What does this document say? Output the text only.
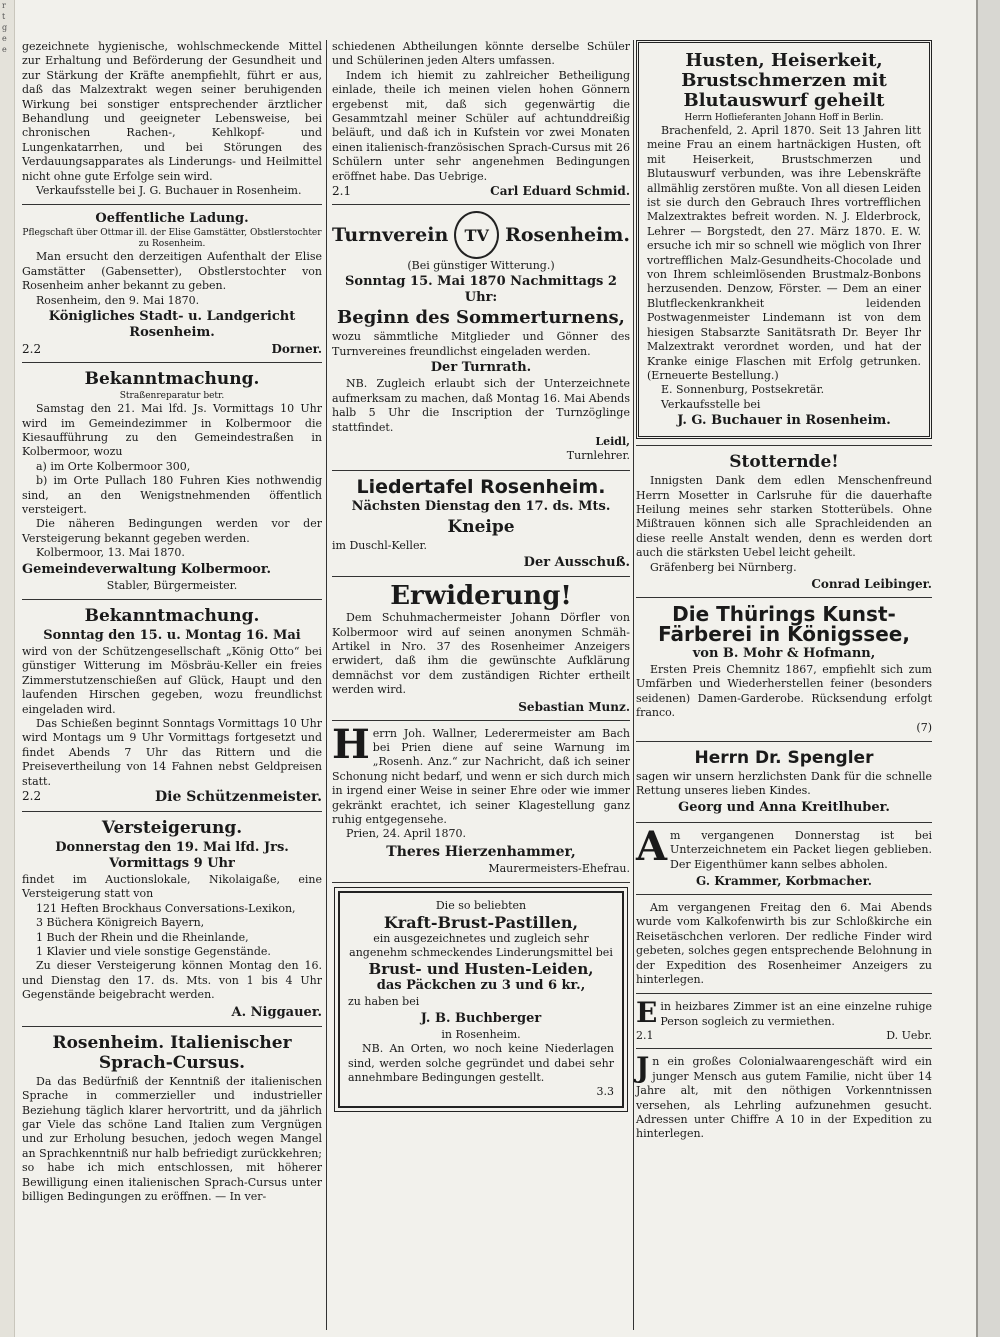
r
t
g
e
e	gezeichnete hygienische, wohlschmeckende Mittel zur Erhaltung und Beförderung der Gesundheit und zur Stärkung der Kräfte anempfiehlt, führt er aus, daß das Malzextrakt wegen seiner beruhigenden Wirkung bei sonstiger entsprechender ärztlicher Behandlung und geeigneter Lebensweise, bei chronischen Rachen-, Kehlkopf- und Lungenkatarrhen, und bei Störungen des Verdauungsapparates als Linderungs- und Heilmittel nicht ohne gute Erfolge sein wird.

Verkaufsstelle bei J. G. Buchauer in Rosenheim.

Oeffentliche Ladung.
Pflegschaft über Ottmar ill. der Elise Gamstätter, Obstlerstochter zu Rosenheim.

Man ersucht den derzeitigen Aufenthalt der Elise Gamstätter (Gabensetter), Obstlerstochter von Rosenheim anher bekannt zu geben.

Rosenheim, den 9. Mai 1870.

Königliches Stadt- u. Landgericht Rosenheim.
2.2	Dorner.
Bekanntmachung.
Straßenreparatur betr.

Samstag den 21. Mai lfd. Js. Vormittags 10 Uhr wird im Gemeindezimmer in Kolbermoor die Kiesaufführung zu den Gemeindestraßen in Kolbermoor, wozu

a) im Orte Kolbermoor 300,

b) im Orte Pullach 180 Fuhren Kies nothwendig sind, an den Wenigstnehmenden öffentlich versteigert.

Die näheren Bedingungen werden vor der Versteigerung bekannt gegeben werden.

Kolbermoor, 13. Mai 1870.

Gemeindeverwaltung Kolbermoor.

Stabler, Bürgermeister.

Bekanntmachung.
Sonntag den 15. u. Montag 16. Mai

wird von der Schützengesellschaft „König Otto“ bei günstiger Witterung im Mösbräu-Keller ein freies Zimmerstutzenschießen auf Glück, Haupt und den laufenden Hirschen gegeben, wozu freundlichst eingeladen wird.

Das Schießen beginnt Sonntags Vormittags 10 Uhr wird Montags um 9 Uhr Vormittags fortgesetzt und findet Abends 7 Uhr das Rittern und die Preisevertheilung von 14 Fahnen nebst Geldpreisen statt.

2.2	Die Schützenmeister.
Versteigerung.
Donnerstag den 19. Mai lfd. Jrs. Vormittags 9 Uhr

findet im Auctionslokale, Nikolaigaße, eine Versteigerung statt von

121 Heften Brockhaus Conversations-Lexikon,

3 Büchera Königreich Bayern,

1 Buch der Rhein und die Rheinlande,

1 Klavier und viele sonstige Gegenstände.

Zu dieser Versteigerung können Montag den 16. und Dienstag den 17. ds. Mts. von 1 bis 4 Uhr Gegenstände beigebracht werden.

A. Niggauer.
Rosenheim. Italienischer Sprach-Cursus.

Da das Bedürfniß der Kenntniß der italienischen Sprache in commerzieller und industrieller Beziehung täglich klarer hervortritt, und da jährlich gar Viele das schöne Land Italien zum Vergnügen und zur Erholung besuchen, jedoch wegen Mangel an Sprachkenntniß nur halb befriedigt zurückkehren; so habe ich mich entschlossen, mit höherer Bewilligung einen italienischen Sprach-Cursus unter billigen Bedingungen zu eröffnen. — In ver-

schiedenen Abtheilungen könnte derselbe Schüler und Schülerinen jeden Alters umfassen.

Indem ich hiemit zu zahlreicher Betheiligung einlade, theile ich meinen vielen hohen Gönnern ergebenst mit, daß sich gegenwärtig die Gesammtzahl meiner Schüler auf achtunddreißig beläuft, und daß ich in Kufstein vor zwei Monaten einen italienisch-französischen Sprach-Cursus mit 26 Schülern unter sehr angenehmen Bedingungen eröffnet habe. Das Uebrige.

2.1	Carl Eduard Schmid.
Turnverein	TV Rosenheim.

(Bei günstiger Witterung.)

Sonntag 15. Mai 1870 Nachmittags 2 Uhr:
Beginn des Sommerturnens,

wozu sämmtliche Mitglieder und Gönner des Turnvereines freundlichst eingeladen werden.

Der Turnrath.

NB. Zugleich erlaubt sich der Unterzeichnete aufmerksam zu machen, daß Montag 16. Mai Abends halb 5 Uhr die Inscription der Turnzöglinge stattfindet.

Leidl,

Turnlehrer.

Liedertafel Rosenheim.
Nächsten Dienstag den 17. ds. Mts.
Kneipe

im Duschl-Keller.

Der Ausschuß.
Erwiderung!

Dem Schuhmachermeister Johann Dörfler von Kolbermoor wird auf seinen anonymen Schmäh-Artikel in Nro. 37 des Rosenheimer Anzeigers erwidert, daß ihm die gewünschte Aufklärung demnächst vor dem zuständigen Richter ertheilt werden wird.

Sebastian Munz.

Herrn Joh. Wallner, Lederermeister am Bach bei Prien diene auf seine Warnung im „Rosenh. Anz.“ zur Nachricht, daß ich seiner Schonung nicht bedarf, und wenn er sich durch mich in irgend einer Weise in seiner Ehre oder wie immer gekränkt erachtet, ich seiner Klagestellung ganz ruhig entgegensehe.

Prien, 24. April 1870.

Theres Hierzenhammer,

Maurermeisters-Ehefrau.

Die so beliebten

Kraft-Brust-Pastillen,

ein ausgezeichnetes und zugleich sehr angenehm schmeckendes Linderungsmittel bei

Brust- und Husten-Leiden,
das Päckchen zu 3 und 6 kr.,

zu haben bei

J. B. Buchberger

in Rosenheim.

NB. An Orten, wo noch keine Niederlagen sind, werden solche gegründet und dabei sehr annehmbare Bedingungen gestellt.

3.3

Husten, Heiserkeit, Brustschmerzen mit Blutauswurf geheilt
Herrn Hoflieferanten Johann Hoff in Berlin.

Brachenfeld, 2. April 1870. Seit 13 Jahren litt meine Frau an einem hartnäckigen Husten, oft mit Heiserkeit, Brustschmerzen und Blutauswurf verbunden, was ihre Lebenskräfte allmählig zerstören mußte. Von all diesen Leiden ist sie durch den Gebrauch Ihres vortrefflichen Malzextraktes befreit worden. N. J. Elderbrock, Lehrer — Borgstedt, den 27. März 1870. E. W. ersuche ich mir so schnell wie möglich von Ihrer vortrefflichen Malz-Gesundheits-Chocolade und von Ihrem schleimlösenden Brustmalz-Bonbons herzusenden. Denzow, Förster. — Dem an einer Blutfleckenkrankheit leidenden Postwagenmeister Lindemann ist von dem hiesigen Stabsarzte Sanitätsrath Dr. Beyer Ihr Malzextrakt verordnet worden, und hat der Kranke einige Flaschen mit Erfolg getrunken. (Erneuerte Bestellung.)

E. Sonnenburg, Postsekretär.

Verkaufsstelle bei

J. G. Buchauer in Rosenheim.
Stotternde!

Innigsten Dank dem edlen Menschenfreund Herrn Mosetter in Carlsruhe für die dauerhafte Heilung meines sehr starken Stotterübels. Ohne Mißtrauen können sich alle Sprachleidenden an diese reelle Anstalt wenden, denn es werden dort auch die stärksten Uebel leicht geheilt.

Gräfenberg bei Nürnberg.

Conrad Leibinger.
Die Thürings Kunst-Färberei in Königssee,
von B. Mohr & Hofmann,

Ersten Preis Chemnitz 1867, empfiehlt sich zum Umfärben und Wiederherstellen feiner (besonders seidenen) Damen-Garderobe. Rücksendung erfolgt franco.

(7)

Herrn Dr. Spengler

sagen wir unsern herzlichsten Dank für die schnelle Rettung unseres lieben Kindes.

Georg und Anna Kreitlhuber.

Am vergangenen Donnerstag ist bei Unterzeichnetem ein Packet liegen geblieben. Der Eigenthümer kann selbes abholen.

G. Krammer, Korbmacher.

Am vergangenen Freitag den 6. Mai Abends wurde vom Kalkofenwirth bis zur Schloßkirche ein Reisetäschchen verloren. Der redliche Finder wird gebeten, solches gegen entsprechende Belohnung in der Expedition des Rosenheimer Anzeigers zu hinterlegen.

Ein heizbares Zimmer ist an eine einzelne ruhige Person sogleich zu vermiethen.

2.1	D. Uebr.

Jn ein großes Colonialwaarengeschäft wird ein junger Mensch aus gutem Familie, nicht über 14 Jahre alt, mit den nöthigen Vorkenntnissen versehen, als Lehrling aufzunehmen gesucht. Adressen unter Chiffre A 10 in der Expedition zu hinterlegen.
